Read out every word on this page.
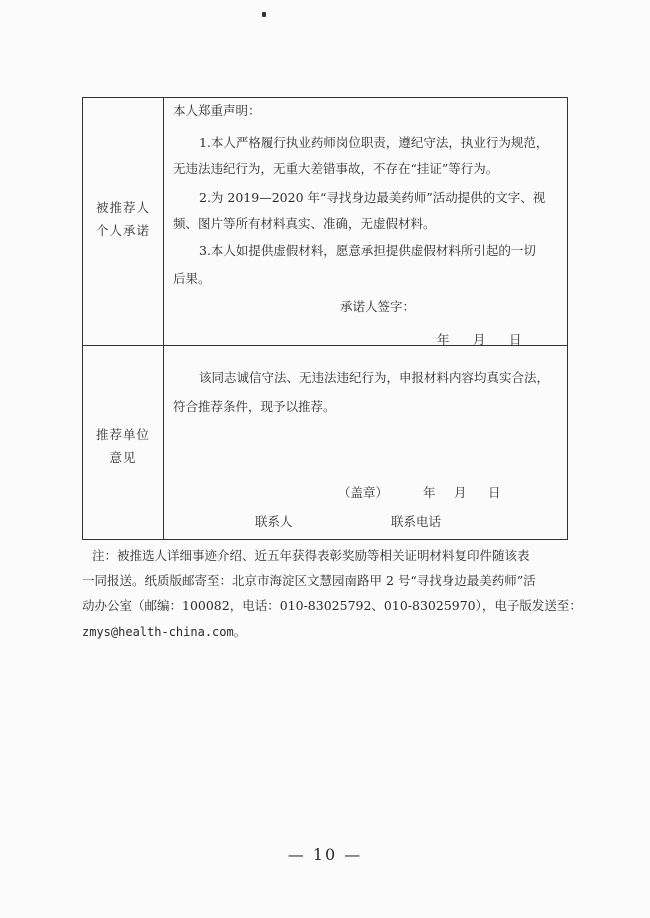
被推荐人
个人承诺
推荐单位
意见
本人郑重声明：
1.本人严格履行执业药师岗位职责，遵纪守法，执业行为规范，
无违法违纪行为，无重大差错事故，不存在“挂证”等行为。
2.为 2019—2020 年“寻找身边最美药师”活动提供的文字、视
频、图片等所有材料真实、准确，无虚假材料。
3.本人如提供虚假材料，愿意承担提供虚假材料所引起的一切
后果。
承诺人签字：
年 月 日
该同志诚信守法、无违法违纪行为，申报材料内容均真实合法，
符合推荐条件，现予以推荐。
（盖章）	年 月 日
联系人	联系电话
注：被推选人详细事迹介绍、近五年获得表彰奖励等相关证明材料复印件随该表
一同报送。纸质版邮寄至：北京市海淀区文慧园南路甲 2 号“寻找身边最美药师”活
动办公室（邮编：100082，电话：010-83025792、010-83025970），电子版发送至：
zmys@health-china.com。
— 10 —
